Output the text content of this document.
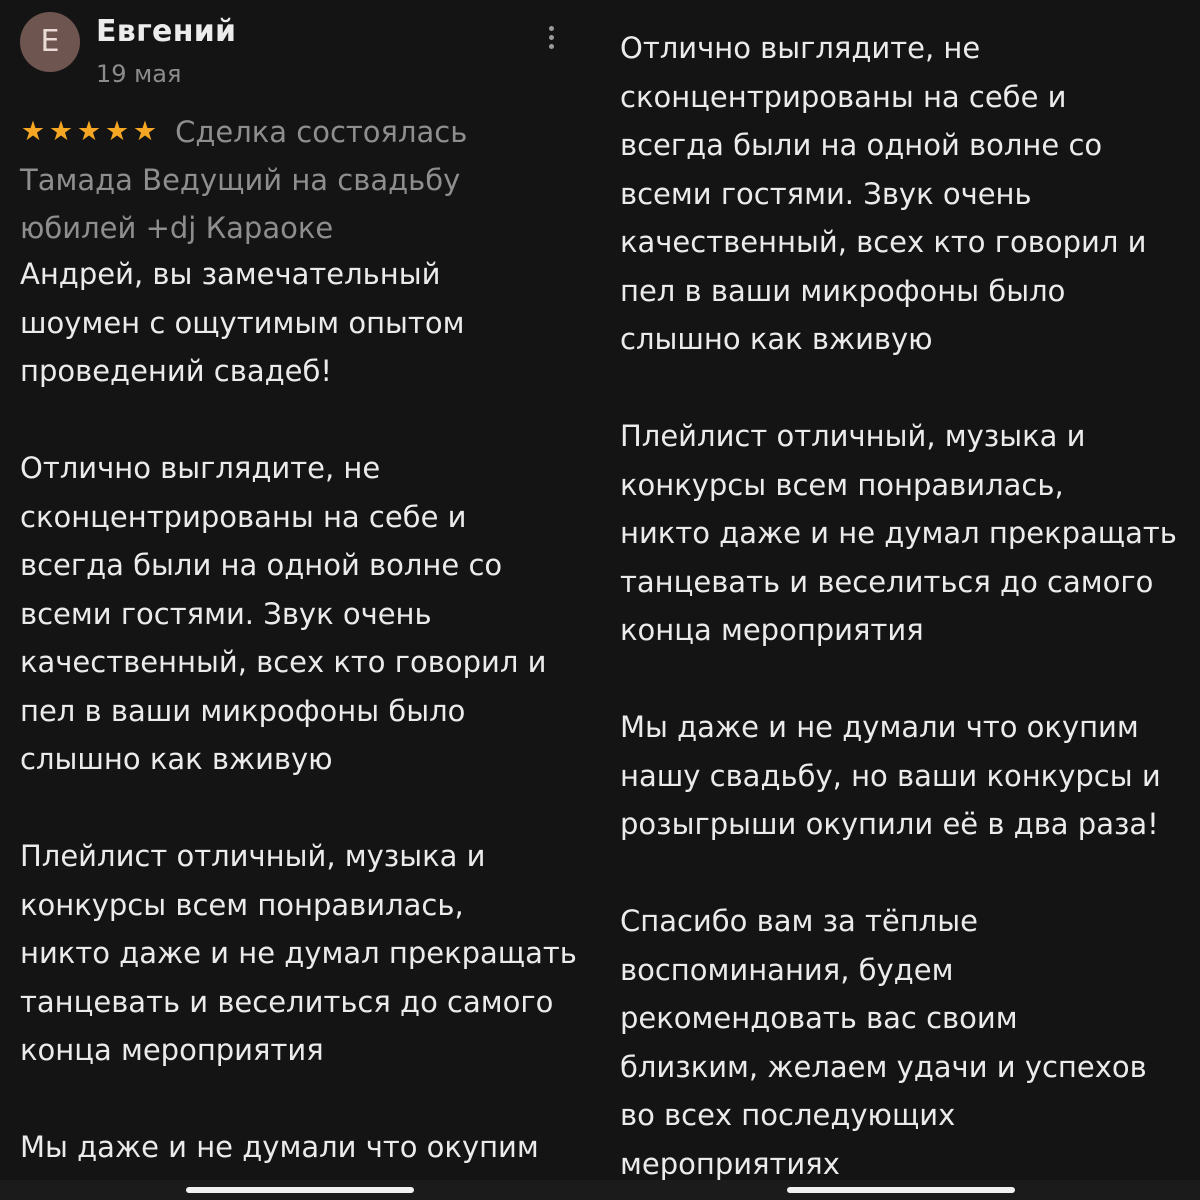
Е	Евгений
19 мая
★ ★ ★ ★ ★ Сделка состоялась
Тамада Ведущий на свадьбу
юбилей +dj Караоке
Андрей, вы замечательный
шоумен с ощутимым опытом
проведений свадеб!

Отлично выглядите, не
сконцентрированы на себе и
всегда были на одной волне со
всеми гостями. Звук очень
качественный, всех кто говорил и
пел в ваши микрофоны было
слышно как вживую

Плейлист отличный, музыка и
конкурсы всем понравилась,
никто даже и не думал прекращать
танцевать и веселиться до самого
конца мероприятия

Мы даже и не думали что окупим
Отлично выглядите, не
сконцентрированы на себе и
всегда были на одной волне со
всеми гостями. Звук очень
качественный, всех кто говорил и
пел в ваши микрофоны было
слышно как вживую

Плейлист отличный, музыка и
конкурсы всем понравилась,
никто даже и не думал прекращать
танцевать и веселиться до самого
конца мероприятия

Мы даже и не думали что окупим
нашу свадьбу, но ваши конкурсы и
розыгрыши окупили её в два раза!

Спасибо вам за тёплые
воспоминания, будем
рекомендовать вас своим
близким, желаем удачи и успехов
во всех последующих
мероприятиях
